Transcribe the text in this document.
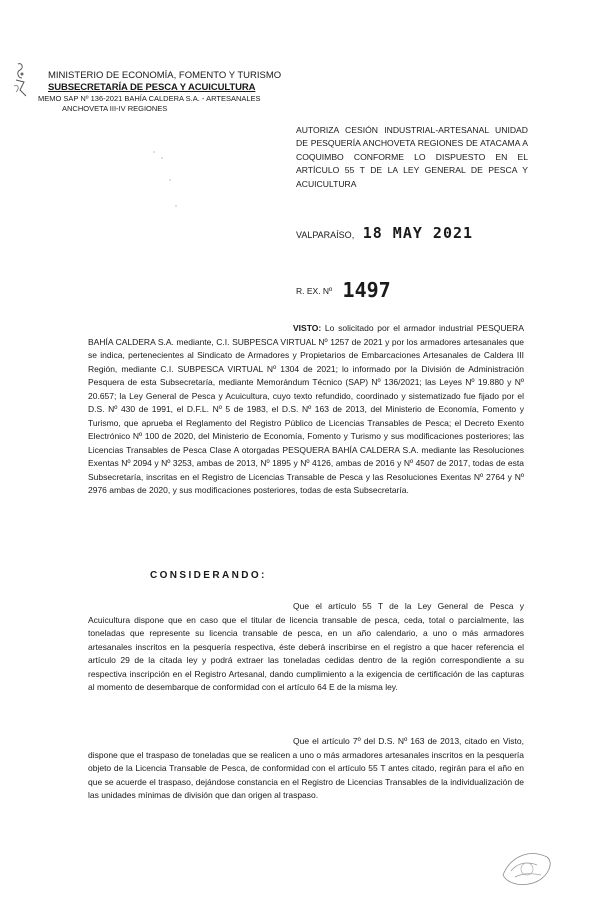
MINISTERIO DE ECONOMÍA, FOMENTO Y TURISMO
SUBSECRETARÍA DE PESCA Y ACUICULTURA
MEMO SAP Nº 136-2021 BAHÍA CALDERA S.A. - ARTESANALES
ANCHOVETA III-IV REGIONES
AUTORIZA CESIÓN INDUSTRIAL-ARTESANAL UNIDAD DE PESQUERÍA ANCHOVETA REGIONES DE ATACAMA A COQUIMBO CONFORME LO DISPUESTO EN EL ARTÍCULO 55 T DE LA LEY GENERAL DE PESCA Y ACUICULTURA
VALPARAÍSO, 18 MAY 2021
R. EX. Nº 1497
VISTO: Lo solicitado por el armador industrial PESQUERA BAHÍA CALDERA S.A. mediante, C.I. SUBPESCA VIRTUAL Nº 1257 de 2021 y por los armadores artesanales que se indica, pertenecientes al Sindicato de Armadores y Propietarios de Embarcaciones Artesanales de Caldera III Región, mediante C.I. SUBPESCA VIRTUAL Nº 1304 de 2021; lo informado por la División de Administración Pesquera de esta Subsecretaría, mediante Memorándum Técnico (SAP) Nº 136/2021; las Leyes Nº 19.880 y Nº 20.657; la Ley General de Pesca y Acuicultura, cuyo texto refundido, coordinado y sistematizado fue fijado por el D.S. Nº 430 de 1991, el D.F.L. Nº 5 de 1983, el D.S. Nº 163 de 2013, del Ministerio de Economía, Fomento y Turismo, que aprueba el Reglamento del Registro Público de Licencias Transables de Pesca; el Decreto Exento Electrónico Nº 100 de 2020, del Ministerio de Economía, Fomento y Turismo y sus modificaciones posteriores; las Licencias Transables de Pesca Clase A otorgadas PESQUERA BAHÍA CALDERA S.A. mediante las Resoluciones Exentas Nº 2094 y Nº 3253, ambas de 2013, Nº 1895 y Nº 4126, ambas de 2016 y Nº 4507 de 2017, todas de esta Subsecretaría, inscritas en el Registro de Licencias Transable de Pesca y las Resoluciones Exentas Nº 2764 y Nº 2976 ambas de 2020, y sus modificaciones posteriores, todas de esta Subsecretaría.
CONSIDERANDO:
Que el artículo 55 T de la Ley General de Pesca y Acuicultura dispone que en caso que el titular de licencia transable de pesca, ceda, total o parcialmente, las toneladas que represente su licencia transable de pesca, en un año calendario, a uno o más armadores artesanales inscritos en la pesquería respectiva, éste deberá inscribirse en el registro a que hacer referencia el artículo 29 de la citada ley y podrá extraer las toneladas cedidas dentro de la región correspondiente a su respectiva inscripción en el Registro Artesanal, dando cumplimiento a la exigencia de certificación de las capturas al momento de desembarque de conformidad con el artículo 64 E de la misma ley.
Que el artículo 7º del D.S. Nº 163 de 2013, citado en Visto, dispone que el traspaso de toneladas que se realicen a uno o más armadores artesanales inscritos en la pesquería objeto de la Licencia Transable de Pesca, de conformidad con el artículo 55 T antes citado, regirán para el año en que se acuerde el traspaso, dejándose constancia en el Registro de Licencias Transables de la individualización de las unidades mínimas de división que dan origen al traspaso.
